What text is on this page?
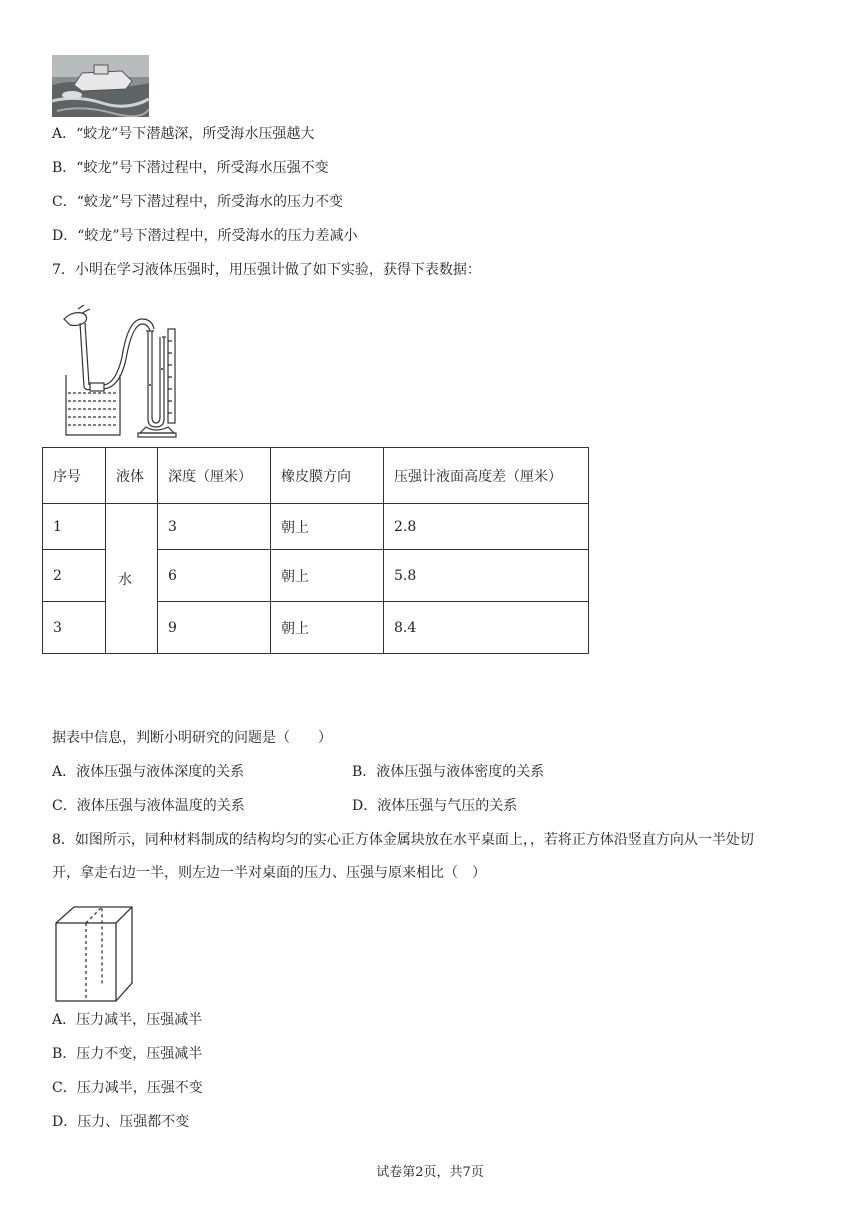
A．“蛟龙”号下潜越深，所受海水压强越大
B．“蛟龙”号下潜过程中，所受海水压强不变
C．“蛟龙”号下潜过程中，所受海水的压力不变
D．“蛟龙”号下潜过程中，所受海水的压力差减小
7．小明在学习液体压强时，用压强计做了如下实验，获得下表数据：
序号	液体	深度（厘米）	橡皮膜方向	压强计液面高度差（厘米）
1	水	3	朝上	2.8
2		6	朝上	5.8
3		9	朝上	8.4
据表中信息，判断小明研究的问题是（　　）
A．液体压强与液体深度的关系	B．液体压强与液体密度的关系
C．液体压强与液体温度的关系	D．液体压强与气压的关系
8．如图所示，同种材料制成的结构均匀的实心正方体金属块放在水平桌面上，，若将正方体沿竖直方向从一半处切
开，拿走右边一半，则左边一半对桌面的压力、压强与原来相比（　）
A．压力减半，压强减半
B．压力不变，压强减半
C．压力减半，压强不变
D．压力、压强都不变
试卷第2页，共7页
